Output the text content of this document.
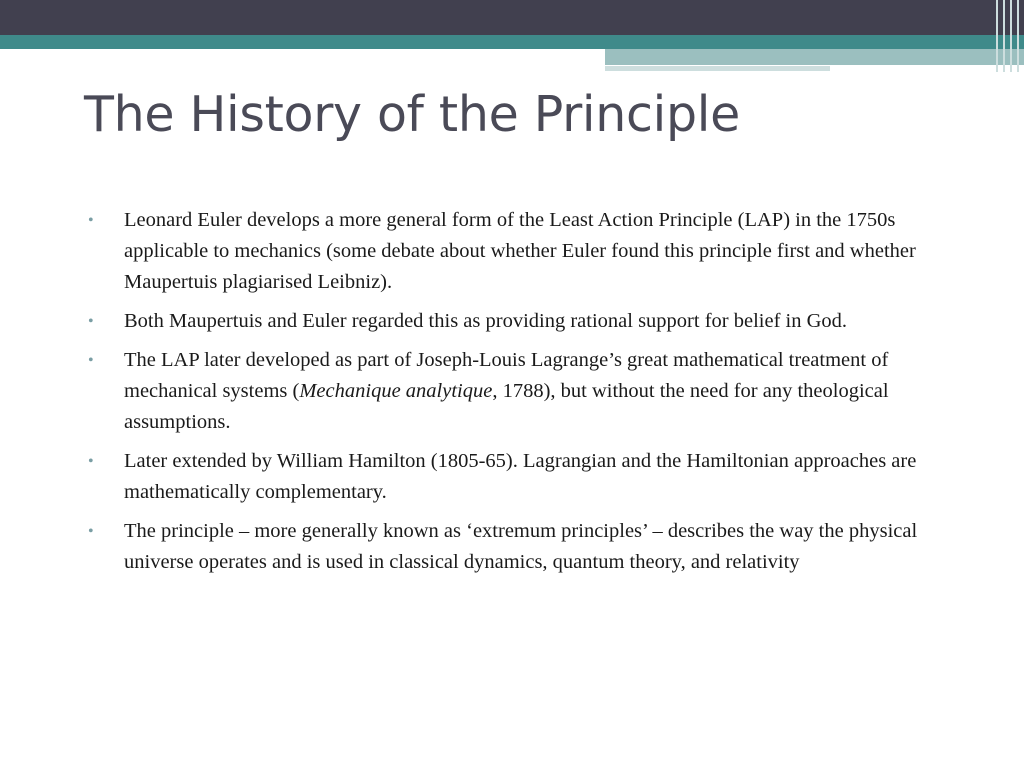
The History of the Principle
• Leonard Euler develops a more general form of the Least Action Principle (LAP) in the 1750s applicable to mechanics (some debate about whether Euler found this principle first and whether Maupertuis plagiarised Leibniz).
• Both Maupertuis and Euler regarded this as providing rational support for belief in God.
• The LAP later developed as part of Joseph-Louis Lagrange’s great mathematical treatment of mechanical systems (Mechanique analytique, 1788), but without the need for any theological assumptions.
• Later extended by William Hamilton (1805-65). Lagrangian and the Hamiltonian approaches are mathematically complementary.
• The principle – more generally known as ‘extremum principles’ – describes the way the physical universe operates and is used in classical dynamics, quantum theory, and relativity
